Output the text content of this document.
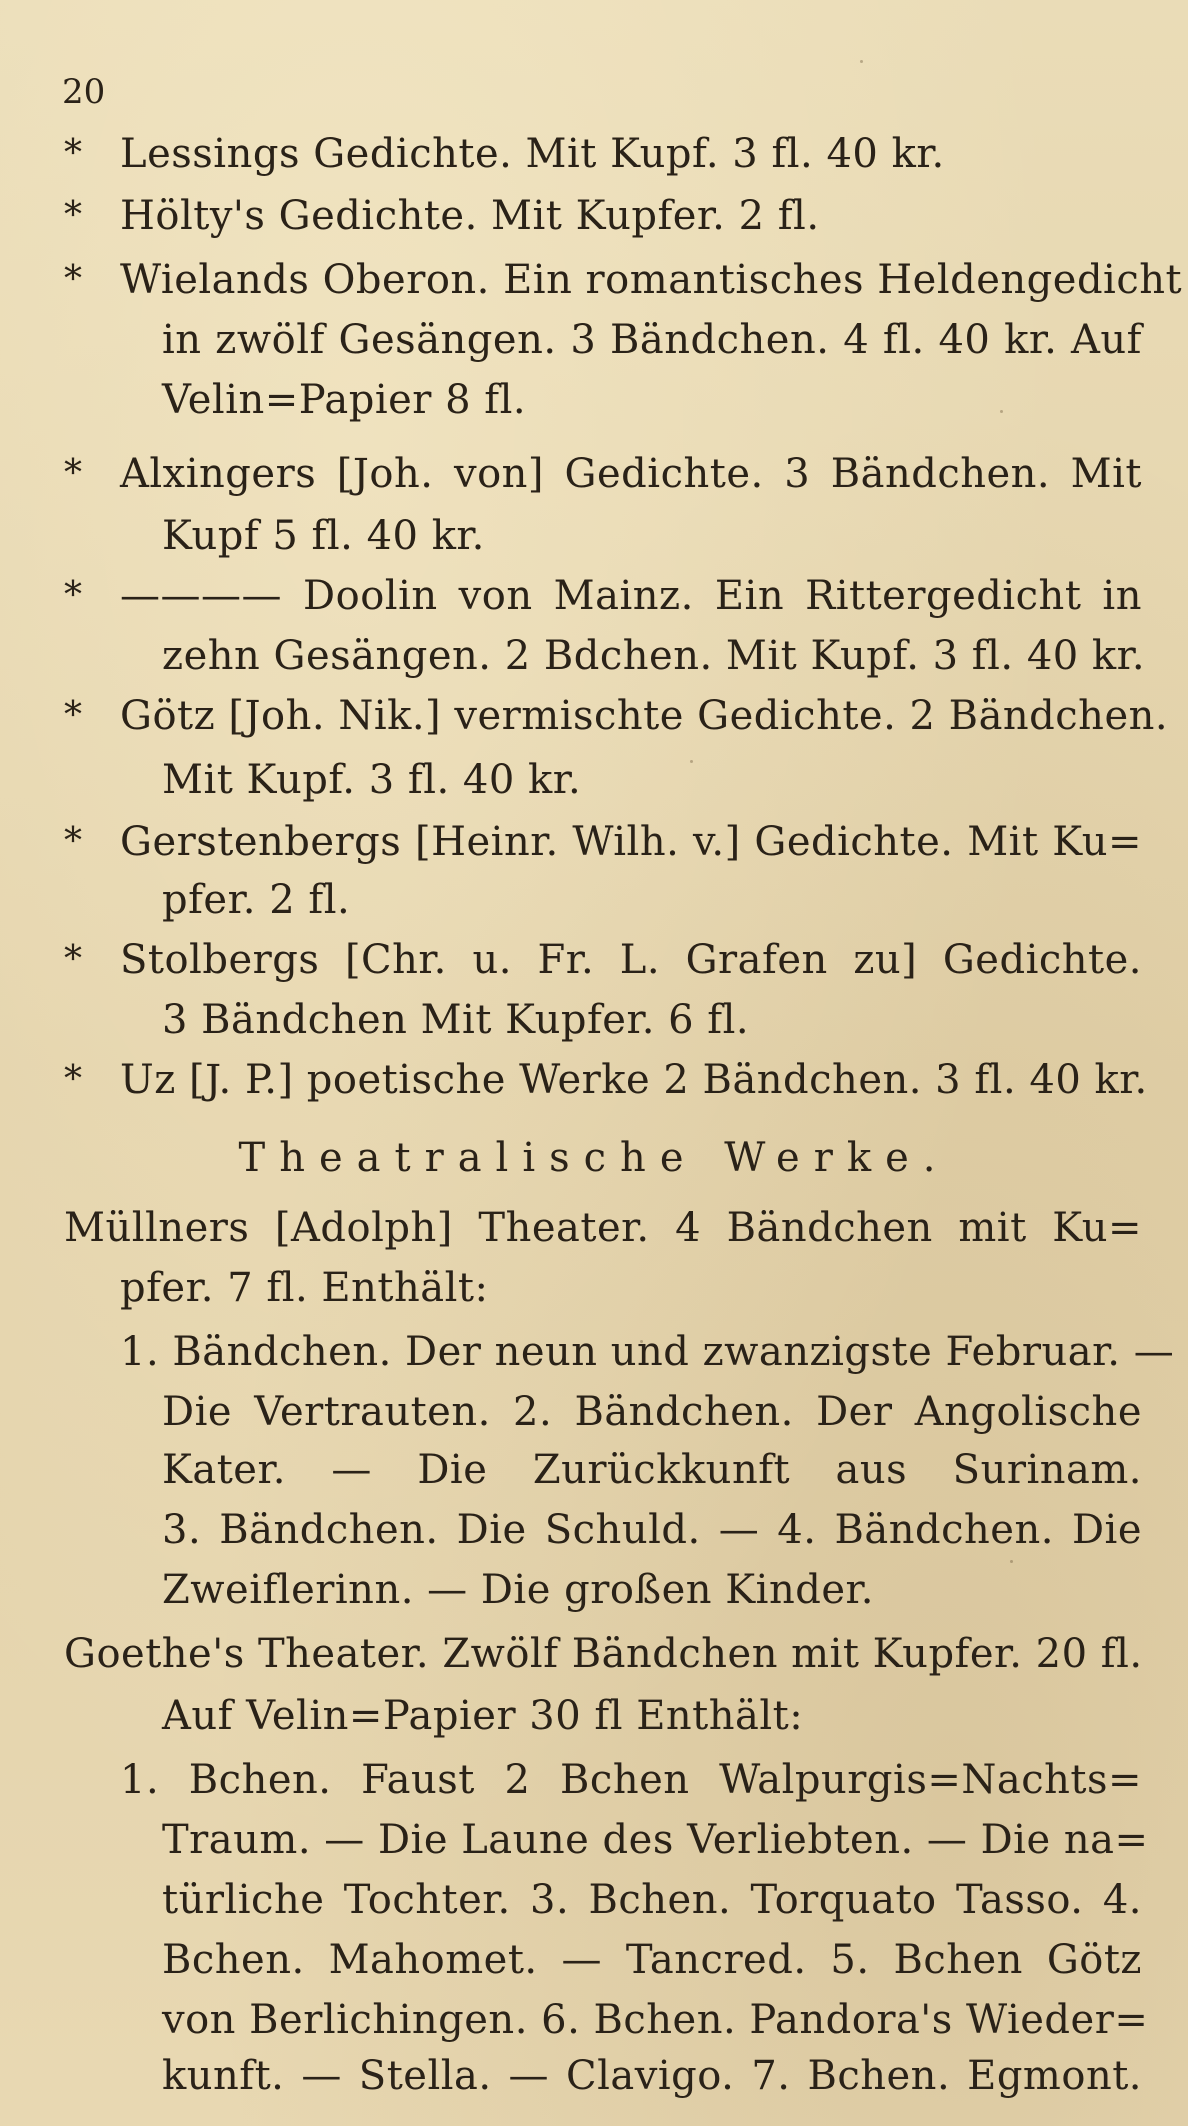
20
* Lessings Gedichte. Mit Kupf. 3 fl. 40 kr.
* Hölty's Gedichte. Mit Kupfer. 2 fl.
* Wielands Oberon. Ein romantisches Heldengedicht
in zwölf Gesängen. 3 Bändchen. 4 fl. 40 kr. Auf
Velin=Papier 8 fl.
* Alxingers [Joh. von] Gedichte. 3 Bändchen. Mit
Kupf 5 fl. 40 kr.
* ———— Doolin von Mainz. Ein Rittergedicht in
zehn Gesängen. 2 Bdchen. Mit Kupf. 3 fl. 40 kr.
* Götz [Joh. Nik.] vermischte Gedichte. 2 Bändchen.
Mit Kupf. 3 fl. 40 kr.
* Gerstenbergs [Heinr. Wilh. v.] Gedichte. Mit Ku=
pfer. 2 fl.
* Stolbergs [Chr. u. Fr. L. Grafen zu] Gedichte.
3 Bändchen Mit Kupfer. 6 fl.
* Uz [J. P.] poetische Werke 2 Bändchen. 3 fl. 40 kr.
Theatralische Werke.
Müllners [Adolph] Theater. 4 Bändchen mit Ku=
pfer. 7 fl. Enthält:
1. Bändchen. Der neun und zwanzigste Februar. —
Die Vertrauten. 2. Bändchen. Der Angolische
Kater. — Die Zurückkunft aus Surinam.
3. Bändchen. Die Schuld. — 4. Bändchen. Die
Zweiflerinn. — Die großen Kinder.
Goethe's Theater. Zwölf Bändchen mit Kupfer. 20 fl.
Auf Velin=Papier 30 fl Enthält:
1. Bchen. Faust 2 Bchen Walpurgis=Nachts=
Traum. — Die Laune des Verliebten. — Die na=
türliche Tochter. 3. Bchen. Torquato Tasso. 4.
Bchen. Mahomet. — Tancred. 5. Bchen Götz
von Berlichingen. 6. Bchen. Pandora's Wieder=
kunft. — Stella. — Clavigo. 7. Bchen. Egmont.
